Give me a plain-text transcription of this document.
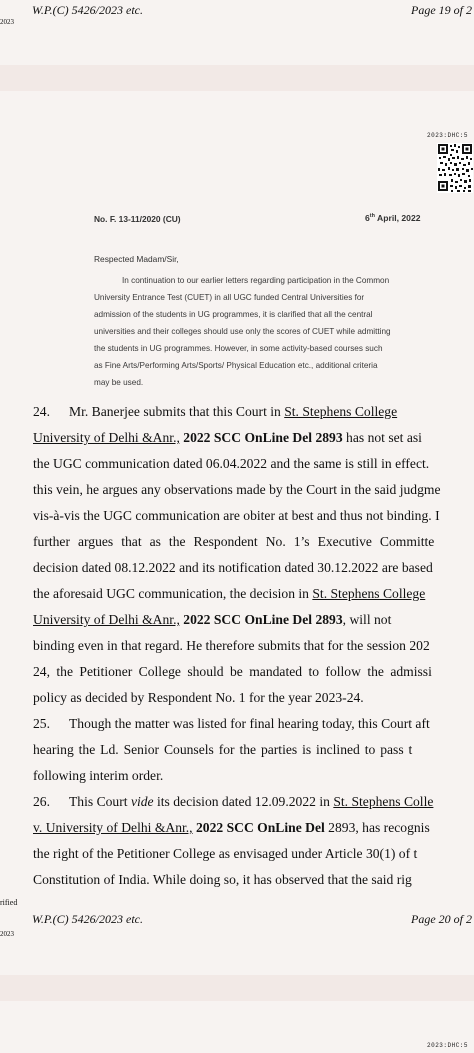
W.P.(C) 5426/2023 etc.	Page 19 of 2
2023
2023:DHC:5
No. F. 13-11/2020 (CU)	6th April, 2022
Respected Madam/Sir,
In continuation to our earlier letters regarding participation in the Common
University Entrance Test (CUET) in all UGC funded Central Universities for
admission of the students in UG programmes, it is clarified that all the central
universities and their colleges should use only the scores of CUET while admitting
the students in UG programmes. However, in some activity-based courses such
as Fine Arts/Performing Arts/Sports/ Physical Education etc., additional criteria
may be used.
24. Mr. Banerjee submits that this Court in St. Stephens College
University of Delhi &Anr., 2022 SCC OnLine Del 2893 has not set asi
the UGC communication dated 06.04.2022 and the same is still in effect.
this vein, he argues any observations made by the Court in the said judgme
vis-à-vis the UGC communication are obiter at best and thus not binding. I
further argues that as the Respondent No. 1’s Executive Committe
decision dated 08.12.2022 and its notification dated 30.12.2022 are based
the aforesaid UGC communication, the decision in St. Stephens College
University of Delhi &Anr., 2022 SCC OnLine Del 2893, will not
binding even in that regard. He therefore submits that for the session 202
24, the Petitioner College should be mandated to follow the admissi
policy as decided by Respondent No. 1 for the year 2023-24.
25. Though the matter was listed for final hearing today, this Court aft
hearing the Ld. Senior Counsels for the parties is inclined to pass t
following interim order.
26. This Court vide its decision dated 12.09.2022 in St. Stephens Colle
v. University of Delhi &Anr., 2022 SCC OnLine Del 2893, has recognis
the right of the Petitioner College as envisaged under Article 30(1) of t
Constitution of India. While doing so, it has observed that the said rig
rified
W.P.(C) 5426/2023 etc.	Page 20 of 2
2023
2023:DHC:5
